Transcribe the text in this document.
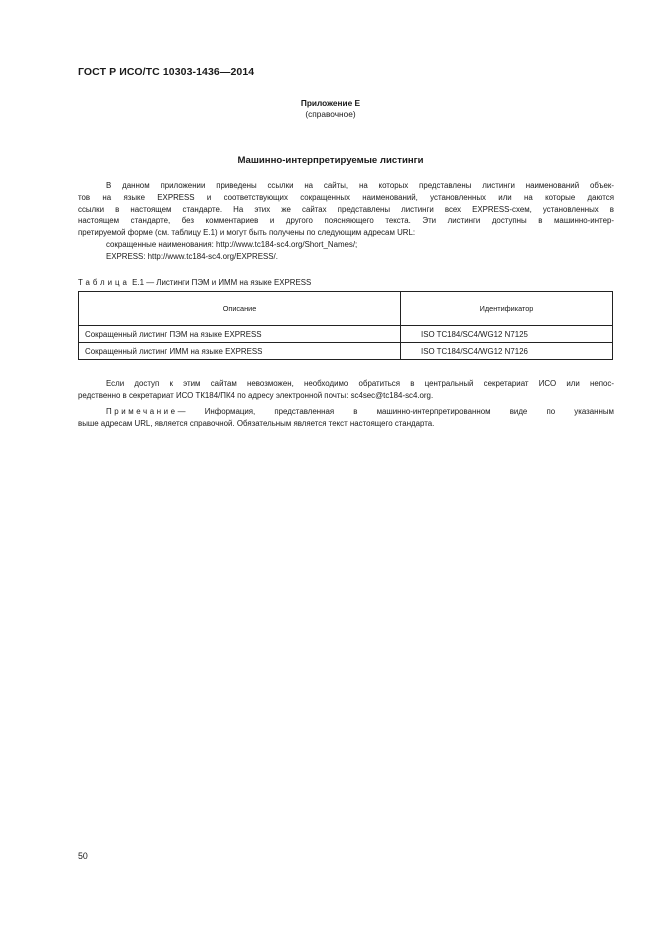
ГОСТ Р ИСО/ТС 10303-1436—2014
Приложение Е
(справочное)
Машинно-интерпретируемые листинги
В данном приложении приведены ссылки на сайты, на которых представлены листинги наименований объек-
тов на языке EXPRESS и соответствующих сокращенных наименований, установленных или на которые даются
ссылки в настоящем стандарте. На этих же сайтах представлены листинги всех EXPRESS-схем, установленных в
настоящем стандарте, без комментариев и другого поясняющего текста. Эти листинги доступны в машинно-интер-
претируемой форме (см. таблицу Е.1) и могут быть получены по следующим адресам URL:
сокращенные наименования: http://www.tc184-sc4.org/Short_Names/;
EXPRESS: http://www.tc184-sc4.org/EXPRESS/.
Таблица Е.1 — Листинги ПЭМ и ИММ на языке EXPRESS
Описание	Идентификатор
Сокращенный листинг ПЭМ на языке EXPRESS	ISO TC184/SC4/WG12 N7125
Сокращенный листинг ИММ на языке EXPRESS	ISO TC184/SC4/WG12 N7126
Если доступ к этим сайтам невозможен, необходимо обратиться в центральный секретариат ИСО или непос-
редственно в секретариат ИСО ТК184/ПК4 по адресу электронной почты: sc4sec@tc184-sc4.org.
Примечание— Информация, представленная в машинно-интерпретированном виде по указанным
выше адресам URL, является справочной. Обязательным является текст настоящего стандарта.
50
